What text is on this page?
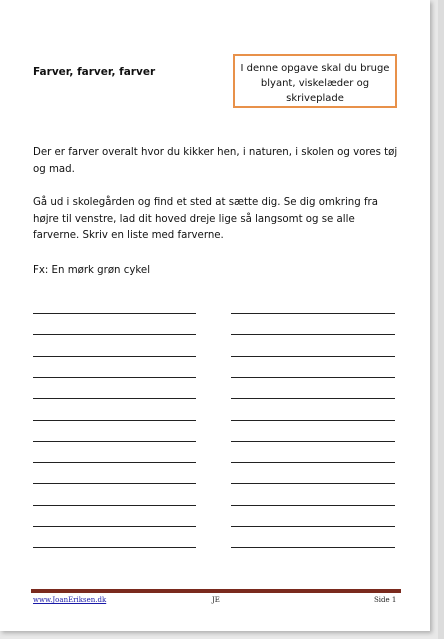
Farver, farver, farver	I denne opgave skal du bruge blyant, viskelæder og skriveplade
Der er farver overalt hvor du kikker hen, i naturen, i skolen og vores tøj og mad.
Gå ud i skolegården og find et sted at sætte dig. Se dig omkring fra højre til venstre, lad dit hoved dreje lige så langsomt og se alle farverne. Skriv en liste med farverne.
Fx: En mørk grøn cykel
www.JoanEriksen.dk	JE	Side 1
